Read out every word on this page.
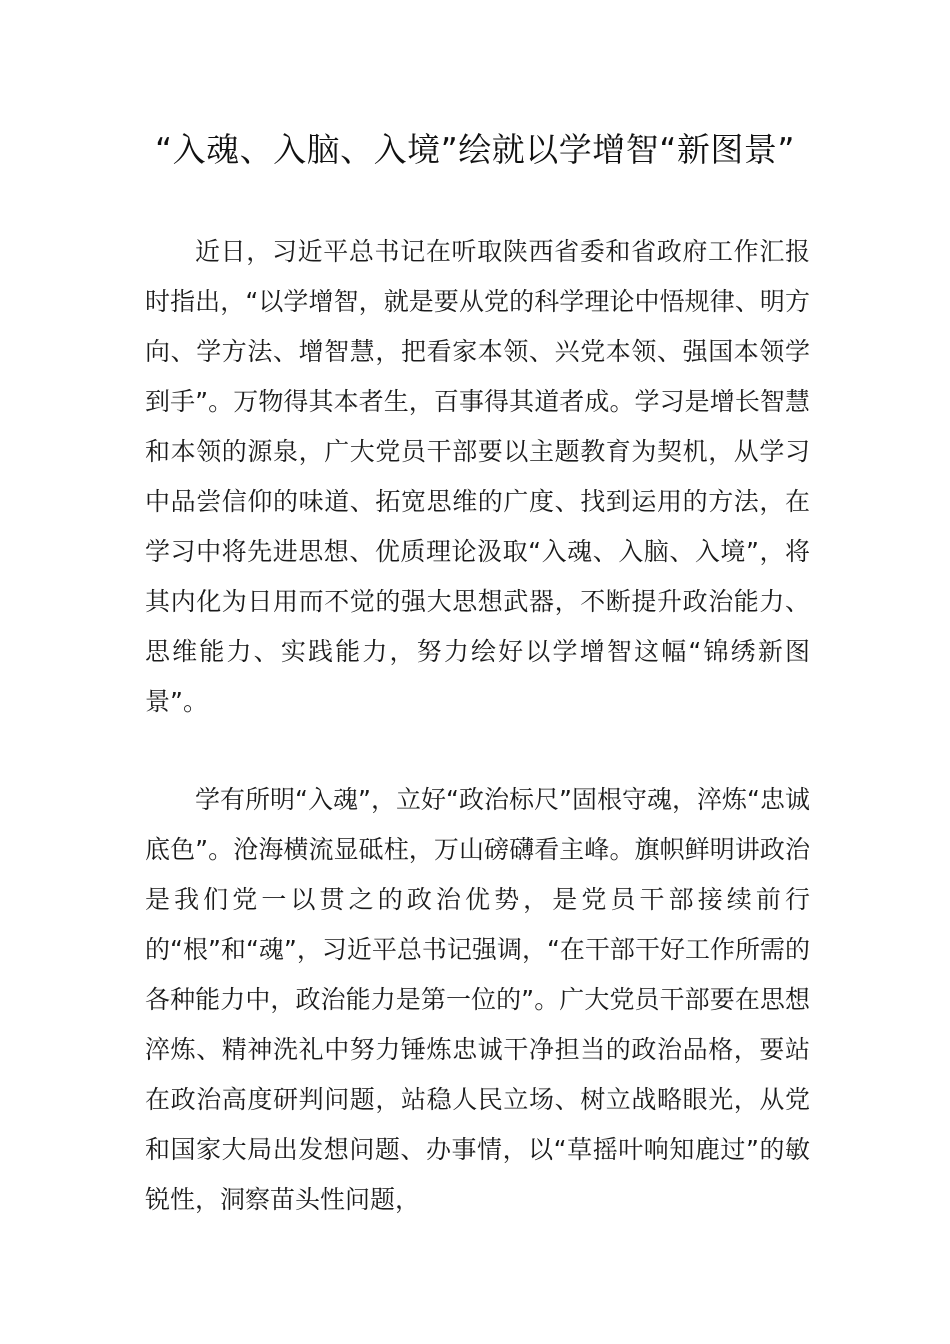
“入魂、入脑、入境”绘就以学增智“新图景”

近日，习近平总书记在听取陕西省委和省政府工作汇报时指出，“以学增智，就是要从党的科学理论中悟规律、明方向、学方法、增智慧，把看家本领、兴党本领、强国本领学到手”。万物得其本者生，百事得其道者成。学习是增长智慧和本领的源泉，广大党员干部要以主题教育为契机，从学习中品尝信仰的味道、拓宽思维的广度、找到运用的方法，在学习中将先进思想、优质理论汲取“入魂、入脑、入境”，将其内化为日用而不觉的强大思想武器，不断提升政治能力、思维能力、实践能力，努力绘好以学增智这幅“锦绣新图景”。

学有所明“入魂”，立好“政治标尺”固根守魂，淬炼“忠诚底色”。沧海横流显砥柱，万山磅礴看主峰。旗帜鲜明讲政治是我们党一以贯之的政治优势，是党员干部接续前行的“根”和“魂”，习近平总书记强调，“在干部干好工作所需的各种能力中，政治能力是第一位的”。广大党员干部要在思想淬炼、精神洗礼中努力锤炼忠诚干净担当的政治品格，要站在政治高度研判问题，站稳人民立场、树立战略眼光，从党和国家大局出发想问题、办事情，以“草摇叶响知鹿过”的敏锐性，洞察苗头性问题，
